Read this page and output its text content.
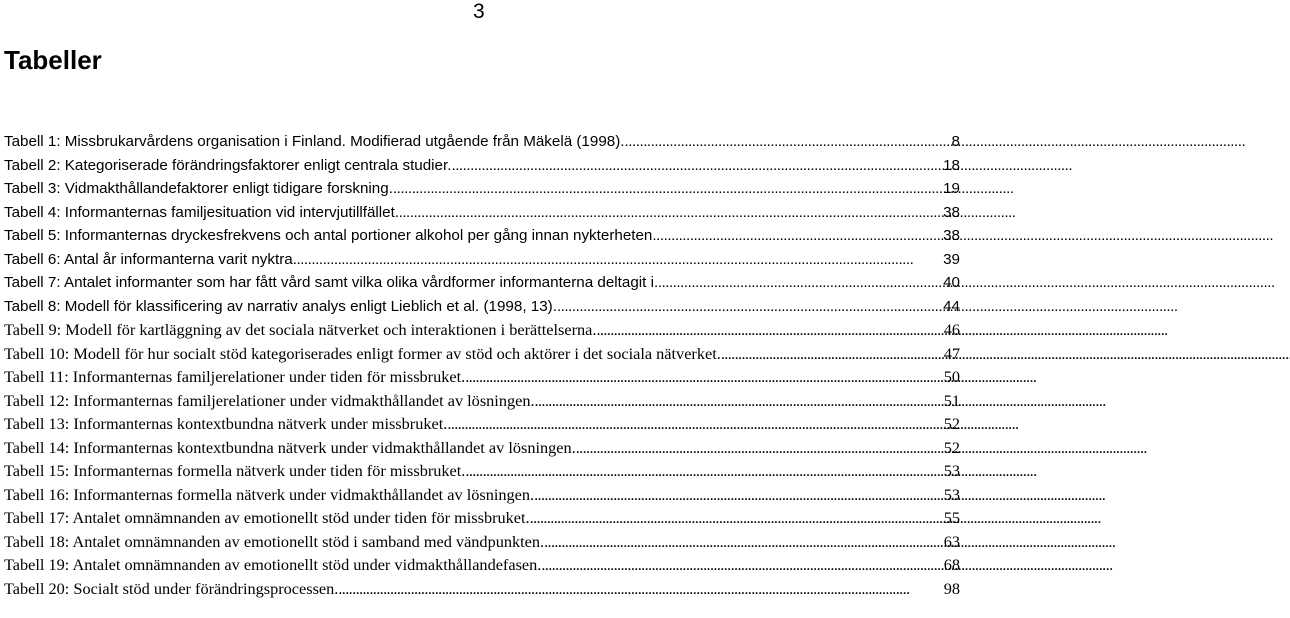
3
Tabeller
Tabell 1: Missbrukarvårdens organisation i Finland. Modifierad utgående från Mäkelä (1998). . . .	8
Tabell 2: Kategoriserade förändringsfaktorer enligt centrala studier. . . .	18
Tabell 3: Vidmakthållandefaktorer enligt tidigare forskning. . . .	19
Tabell 4: Informanternas familjesituation vid intervjutillfället . . .	38
Tabell 5: Informanternas dryckesfrekvens och antal portioner alkohol per gång innan nykterheten . . .	38
Tabell 6: Antal år informanterna varit nyktra . . .	39
Tabell 7: Antalet informanter som har fått vård samt vilka olika vårdformer informanterna deltagit i . . .	40
Tabell 8: Modell för klassificering av narrativ analys enligt Lieblich et al. (1998, 13). . . .	44
Tabell 9: Modell för kartläggning av det sociala nätverket och interaktionen i berättelserna. . . .	46
Tabell 10: Modell för hur socialt stöd kategoriserades enligt former av stöd och aktörer i det sociala nätverket. . . .	47
Tabell 11: Informanternas familjerelationer under tiden för missbruket. . . .	50
Tabell 12: Informanternas familjerelationer under vidmakthållandet av lösningen. . . .	51
Tabell 13: Informanternas kontextbundna nätverk under missbruket. . . .	52
Tabell 14: Informanternas kontextbundna nätverk under vidmakthållandet av lösningen. . . .	52
Tabell 15: Informanternas formella nätverk under tiden för missbruket. . . .	53
Tabell 16: Informanternas formella nätverk under vidmakthållandet av lösningen. . . .	53
Tabell 17: Antalet omnämnanden av emotionellt stöd under tiden för missbruket. . . .	55
Tabell 18: Antalet omnämnanden av emotionellt stöd i samband med vändpunkten. . . .	63
Tabell 19: Antalet omnämnanden av emotionellt stöd under vidmakthållandefasen. . . .	68
Tabell 20: Socialt stöd under förändringsprocessen. . . .	98
